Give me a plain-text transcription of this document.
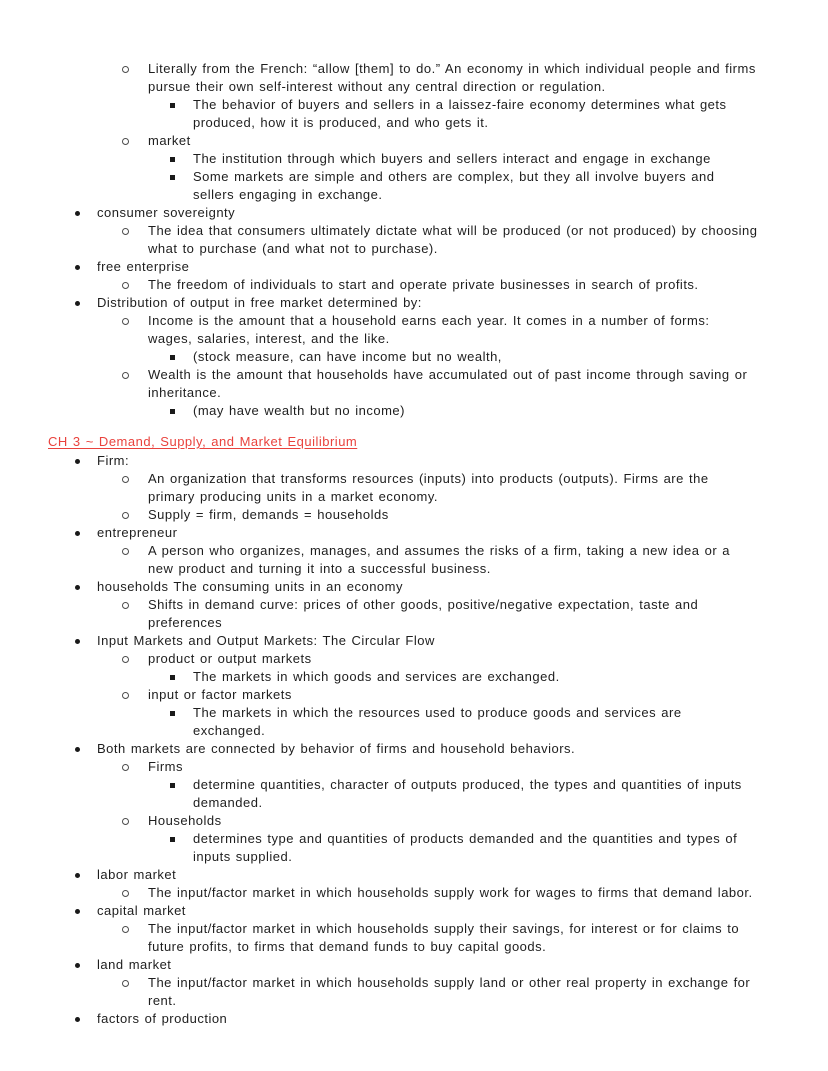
Literally from the French: “allow [them] to do.” An economy in which individual people and firms pursue their own self-interest without any central direction or regulation.
The behavior of buyers and sellers in a laissez-faire economy determines what gets produced, how it is produced, and who gets it.
market
The institution through which buyers and sellers interact and engage in exchange
Some markets are simple and others are complex, but they all involve buyers and sellers engaging in exchange.
consumer sovereignty
The idea that consumers ultimately dictate what will be produced (or not produced) by choosing what to purchase (and what not to purchase).
free enterprise
The freedom of individuals to start and operate private businesses in search of profits.
Distribution of output in free market determined by:
Income is the amount that a household earns each year. It comes in a number of forms: wages, salaries, interest, and the like.
(stock measure, can have income but no wealth,
Wealth is the amount that households have accumulated out of past income through saving or inheritance.
(may have wealth but no income)
CH 3 ~ Demand, Supply, and Market Equilibrium
Firm:
An organization that transforms resources (inputs) into products (outputs). Firms are the primary producing units in a market economy.
Supply = firm, demands = households
entrepreneur
A person who organizes, manages, and assumes the risks of a firm, taking a new idea or a new product and turning it into a successful business.
households The consuming units in an economy
Shifts in demand curve: prices of other goods, positive/negative expectation, taste and preferences
Input Markets and Output Markets: The Circular Flow
product or output markets
The markets in which goods and services are exchanged.
input or factor markets
The markets in which the resources used to produce goods and services are exchanged.
Both markets are connected by behavior of firms and household behaviors.
Firms
determine quantities, character of outputs produced, the types and quantities of inputs demanded.
Households
determines type and quantities of products demanded and the quantities and types of inputs supplied.
labor market
The input/factor market in which households supply work for wages to firms that demand labor.
capital market
The input/factor market in which households supply their savings, for interest or for claims to future profits, to firms that demand funds to buy capital goods.
land market
The input/factor market in which households supply land or other real property in exchange for rent.
factors of production
